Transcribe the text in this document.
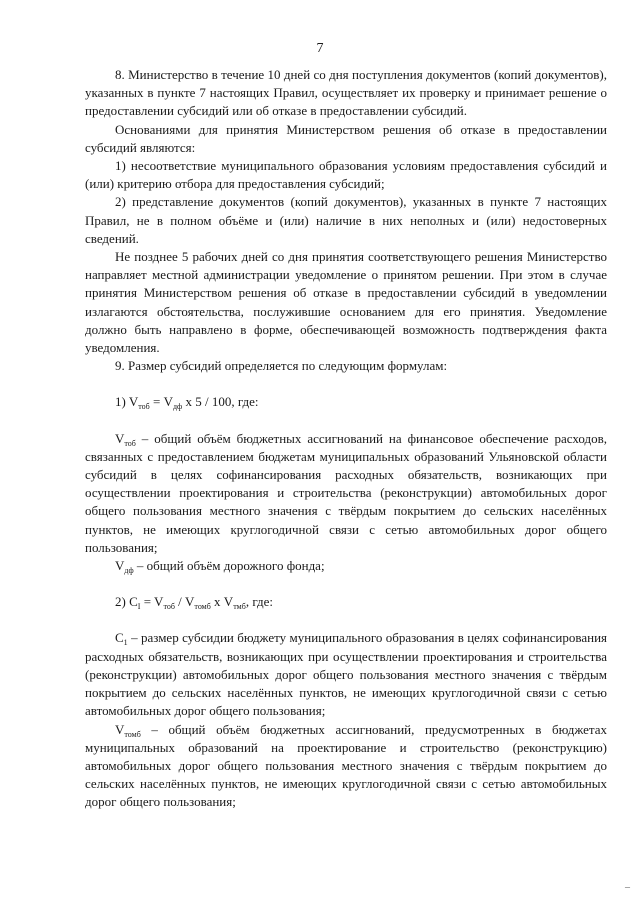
7

8. Министерство в течение 10 дней со дня поступления документов (копий документов), указанных в пункте 7 настоящих Правил, осуществляет их проверку и принимает решение о предоставлении субсидий или об отказе в предоставлении субсидий.

Основаниями для принятия Министерством решения об отказе в предоставлении субсидий являются:

1) несоответствие муниципального образования условиям предоставления субсидий и (или) критерию отбора для предоставления субсидий;

2) представление документов (копий документов), указанных в пункте 7 настоящих Правил, не в полном объёме и (или) наличие в них неполных и (или) недостоверных сведений.

Не позднее 5 рабочих дней со дня принятия соответствующего решения Министерство направляет местной администрации уведомление о принятом решении. При этом в случае принятия Министерством решения об отказе в предоставлении субсидий в уведомлении излагаются обстоятельства, послужившие основанием для его принятия. Уведомление должно быть направлено в форме, обеспечивающей возможность подтверждения факта уведомления.

9. Размер субсидий определяется по следующим формулам:

1) $V_{тоб} = V_{дф}$ х 5 / 100, где:

$V_{тоб}$ – общий объём бюджетных ассигнований на финансовое обеспечение расходов, связанных с предоставлением бюджетам муниципальных образований Ульяновской области субсидий в целях софинансирования расходных обязательств, возникающих при осуществлении проектирования и строительства (реконструкции) автомобильных дорог общего пользования местного значения с твёрдым покрытием до сельских населённых пунктов, не имеющих круглогодичной связи с сетью автомобильных дорог общего пользования;

$V_{дф}$ – общий объём дорожного фонда;

2) $C_I = V_{тоб} / V_{томб}$ х $V_{тмб}$, где:

$C_1$ – размер субсидии бюджету муниципального образования в целях софинансирования расходных обязательств, возникающих при осуществлении проектирования и строительства (реконструкции) автомобильных дорог общего пользования местного значения с твёрдым покрытием до сельских населённых пунктов, не имеющих круглогодичной связи с сетью автомобильных дорог общего пользования;

$V_{томб}$ – общий объём бюджетных ассигнований, предусмотренных в бюджетах муниципальных образований на проектирование и строительство (реконструкцию) автомобильных дорог общего пользования местного значения с твёрдым покрытием до сельских населённых пунктов, не имеющих круглогодичной связи с сетью автомобильных дорог общего пользования;

–
